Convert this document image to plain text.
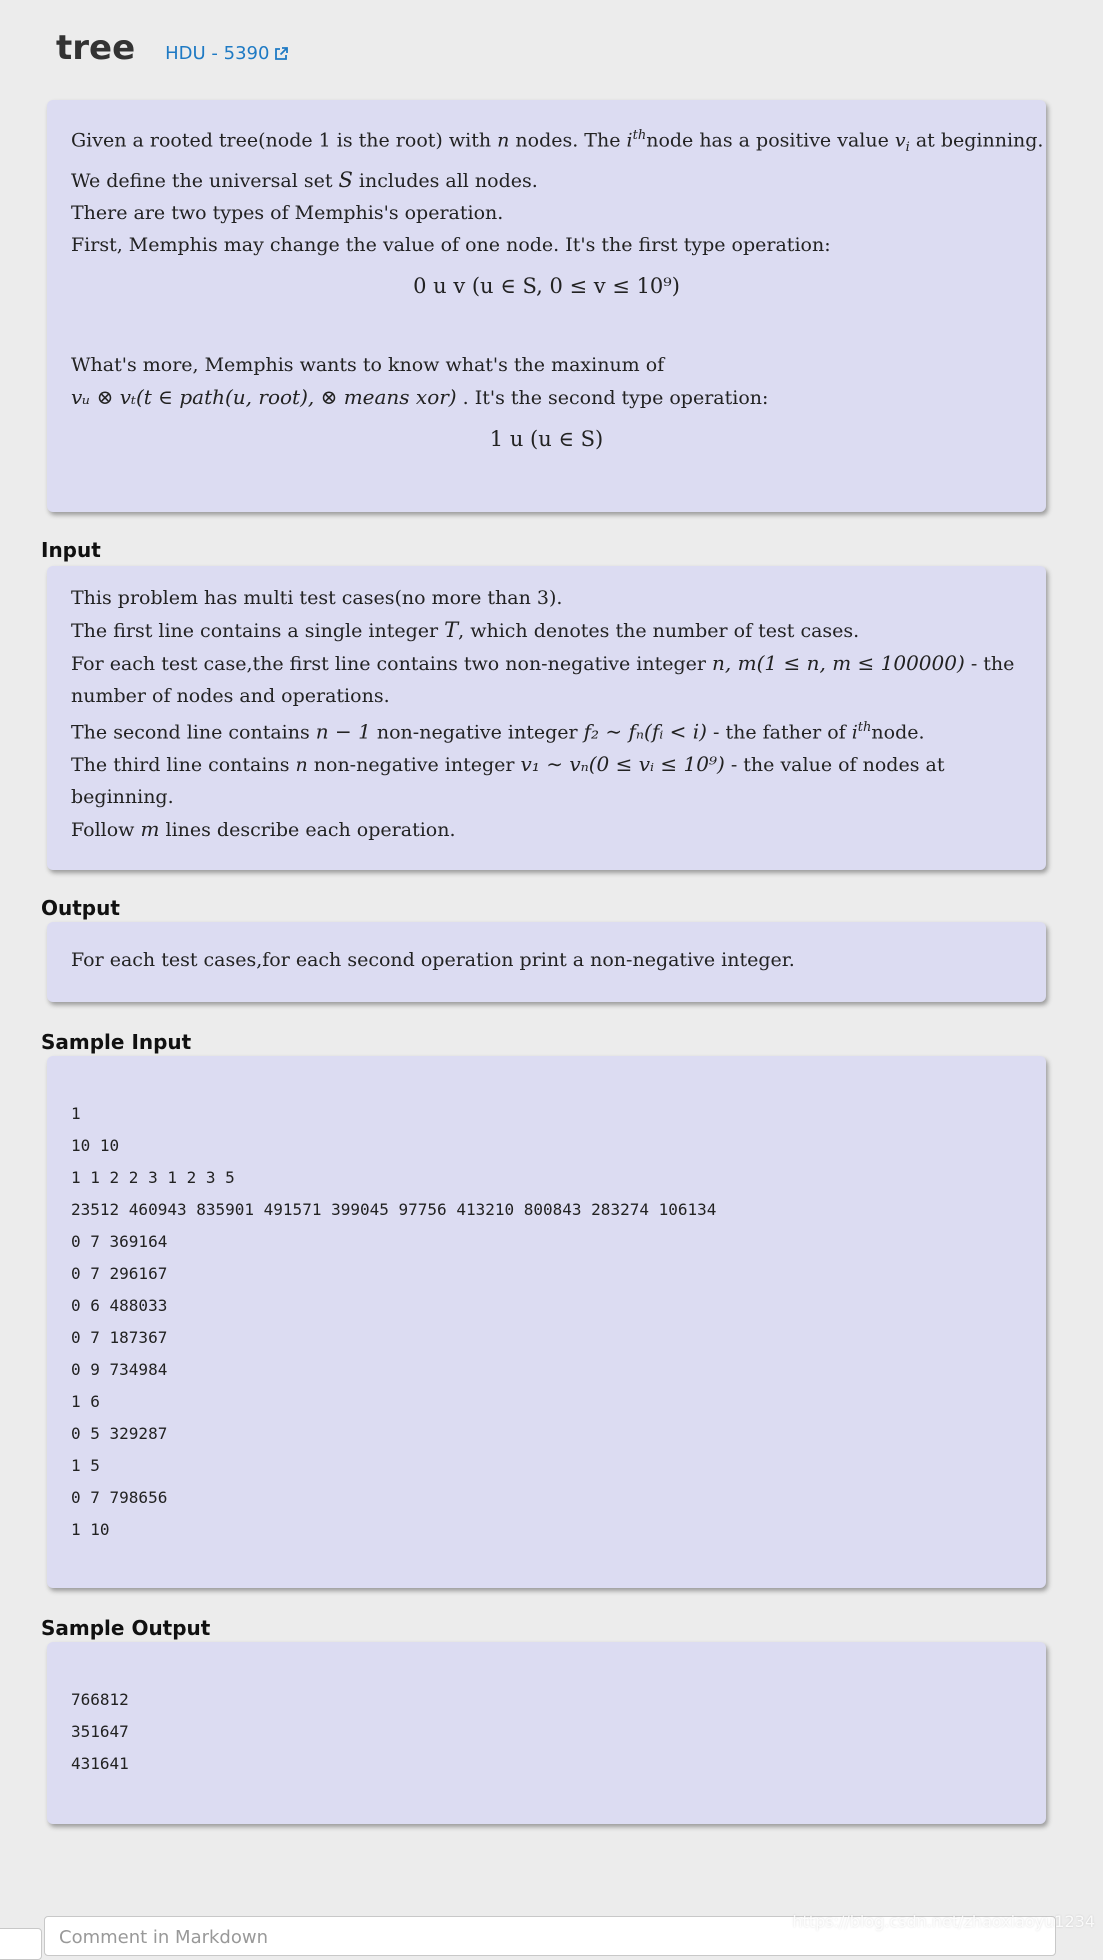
tree HDU - 5390
Given a rooted tree(node 1 is the root) with n nodes. The $i^{th}node$ has a positive value $v_i$ at beginning.
We define the universal set S includes all nodes.
There are two types of Memphis's operation.
First, Memphis may change the value of one node. It's the first type operation:
0 u v (u ∈ S, 0 ≤ v ≤ 10⁹)
What's more, Memphis wants to know what's the maxinum of
vᵤ ⊗ vₜ(t ∈ path(u, root), ⊗ means xor) . It's the second type operation:
1 u (u ∈ S)
Input
This problem has multi test cases(no more than 3).
The first line contains a single integer T, which denotes the number of test cases.
For each test case,the first line contains two non-negative integer n, m(1 ≤ n, m ≤ 100000) - the
number of nodes and operations.
The second line contains n − 1 non-negative integer f₂ ∼ fₙ(fᵢ < i) - the father of $i^{th}node$.
The third line contains n non-negative integer v₁ ∼ vₙ(0 ≤ vᵢ ≤ 10⁹) - the value of nodes at
beginning.
Follow m lines describe each operation.
Output
For each test cases,for each second operation print a non-negative integer.
Sample Input
1
10 10
1 1 2 2 3 1 2 3 5
23512 460943 835901 491571 399045 97756 413210 800843 283274 106134
0 7 369164
0 7 296167
0 6 488033
0 7 187367
0 9 734984
1 6
0 5 329287
1 5
0 7 798656
1 10
Sample Output
766812
351647
431641
Comment in Markdown
https://blog.csdn.net/zhaoxiaoyu1234
